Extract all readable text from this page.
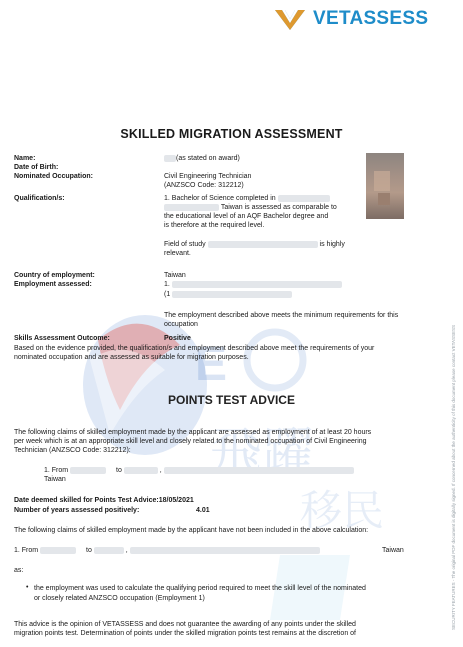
VETASSESS
SECURITY FEATURES - The original PDF document is digitally signed. If concerned about the authenticity of this document please contact VETASSESS
E
飛躍
移民
SKILLED MIGRATION ASSESSMENT
Name:	(as stated on award)
Date of Birth:
Nominated Occupation:	Civil Engineering Technician
(ANZSCO Code: 312212)
Qualification/s:	1. Bachelor of Science completed in
Taiwan is assessed as comparable to
the educational level of an AQF Bachelor degree and
is therefore at the required level.
Field of study	is highly
relevant.
Country of employment:	Taiwan
Employment assessed:	1.
(1
The employment described above meets the minimum requirements for this
occupation
Skills Assessment Outcome:	Positive
Based on the evidence provided, the qualification/s and employment described above meet the requirements of your
nominated occupation and are assessed as suitable for migration purposes.
POINTS TEST ADVICE
The following claims of skilled employment made by the applicant are assessed as employment of at least 20 hours
per week which is at an appropriate skill level and closely related to the nominated occupation of Civil Engineering
Technician (ANZSCO Code: 312212):
1. From	to	,
Taiwan
Date deemed skilled for Points Test Advice:18/05/2021
Number of years assessed positively:	4.01
The following claims of skilled employment made by the applicant have not been included in the above calculation:
1. From	to	,	Taiwan
as:
• the employment was used to calculate the qualifying period required to meet the skill level of the nominated
or closely related ANZSCO occupation (Employment 1)
This advice is the opinion of VETASSESS and does not guarantee the awarding of any points under the skilled
migration points test. Determination of points under the skilled migration points test remains at the discretion of
